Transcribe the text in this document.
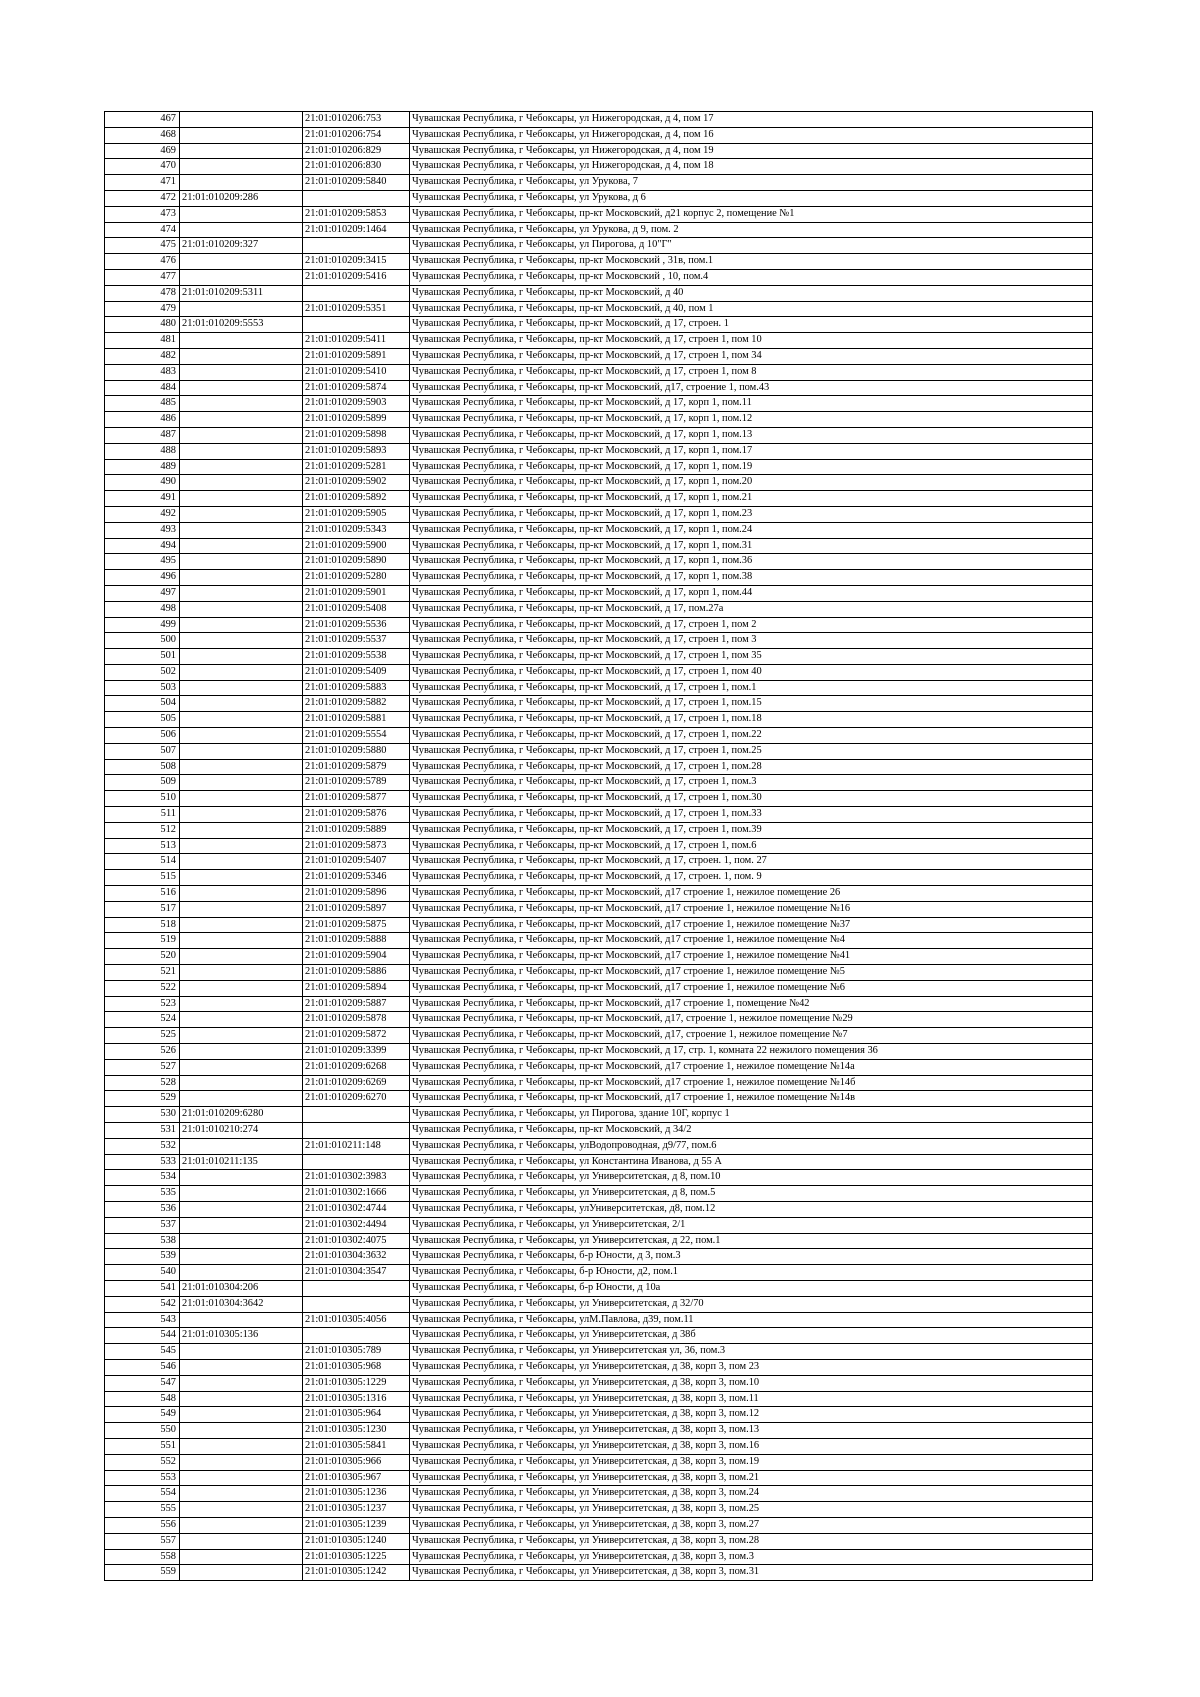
467		21:01:010206:753	Чувашская Республика, г Чебоксары, ул Нижегородская, д 4, пом 17
468		21:01:010206:754	Чувашская Республика, г Чебоксары, ул Нижегородская, д 4, пом 16
469		21:01:010206:829	Чувашская Республика, г Чебоксары, ул Нижегородская, д 4, пом 19
470		21:01:010206:830	Чувашская Республика, г Чебоксары, ул Нижегородская, д 4, пом 18
471		21:01:010209:5840	Чувашская Республика, г Чебоксары, ул Урукова, 7
472	21:01:010209:286		Чувашская Республика, г Чебоксары, ул Урукова, д 6
473		21:01:010209:5853	Чувашская Республика, г Чебоксары, пр-кт Московский, д21 корпус 2, помещение №1
474		21:01:010209:1464	Чувашская Республика, г Чебоксары, ул Урукова, д 9, пом. 2
475	21:01:010209:327		Чувашская Республика, г Чебоксары, ул Пирогова, д 10"Г"
476		21:01:010209:3415	Чувашская Республика, г Чебоксары, пр-кт Московский , 31в, пом.1
477		21:01:010209:5416	Чувашская Республика, г Чебоксары, пр-кт Московский , 10, пом.4
478	21:01:010209:5311		Чувашская Республика, г Чебоксары, пр-кт Московский, д 40
479		21:01:010209:5351	Чувашская Республика, г Чебоксары, пр-кт Московский, д 40, пом 1
480	21:01:010209:5553		Чувашская Республика, г Чебоксары, пр-кт Московский, д 17, строен. 1
481		21:01:010209:5411	Чувашская Республика, г Чебоксары, пр-кт Московский, д 17, строен 1, пом 10
482		21:01:010209:5891	Чувашская Республика, г Чебоксары, пр-кт Московский, д 17, строен 1, пом 34
483		21:01:010209:5410	Чувашская Республика, г Чебоксары, пр-кт Московский, д 17, строен 1, пом 8
484		21:01:010209:5874	Чувашская Республика, г Чебоксары, пр-кт Московский, д17, строение 1, пом.43
485		21:01:010209:5903	Чувашская Республика, г Чебоксары, пр-кт Московский, д 17, корп 1, пом.11
486		21:01:010209:5899	Чувашская Республика, г Чебоксары, пр-кт Московский, д 17, корп 1, пом.12
487		21:01:010209:5898	Чувашская Республика, г Чебоксары, пр-кт Московский, д 17, корп 1, пом.13
488		21:01:010209:5893	Чувашская Республика, г Чебоксары, пр-кт Московский, д 17, корп 1, пом.17
489		21:01:010209:5281	Чувашская Республика, г Чебоксары, пр-кт Московский, д 17, корп 1, пом.19
490		21:01:010209:5902	Чувашская Республика, г Чебоксары, пр-кт Московский, д 17, корп 1, пом.20
491		21:01:010209:5892	Чувашская Республика, г Чебоксары, пр-кт Московский, д 17, корп 1, пом.21
492		21:01:010209:5905	Чувашская Республика, г Чебоксары, пр-кт Московский, д 17, корп 1, пом.23
493		21:01:010209:5343	Чувашская Республика, г Чебоксары, пр-кт Московский, д 17, корп 1, пом.24
494		21:01:010209:5900	Чувашская Республика, г Чебоксары, пр-кт Московский, д 17, корп 1, пом.31
495		21:01:010209:5890	Чувашская Республика, г Чебоксары, пр-кт Московский, д 17, корп 1, пом.36
496		21:01:010209:5280	Чувашская Республика, г Чебоксары, пр-кт Московский, д 17, корп 1, пом.38
497		21:01:010209:5901	Чувашская Республика, г Чебоксары, пр-кт Московский, д 17, корп 1, пом.44
498		21:01:010209:5408	Чувашская Республика, г Чебоксары, пр-кт Московский, д 17, пом.27а
499		21:01:010209:5536	Чувашская Республика, г Чебоксары, пр-кт Московский, д 17, строен 1, пом 2
500		21:01:010209:5537	Чувашская Республика, г Чебоксары, пр-кт Московский, д 17, строен 1, пом 3
501		21:01:010209:5538	Чувашская Республика, г Чебоксары, пр-кт Московский, д 17, строен 1, пом 35
502		21:01:010209:5409	Чувашская Республика, г Чебоксары, пр-кт Московский, д 17, строен 1, пом 40
503		21:01:010209:5883	Чувашская Республика, г Чебоксары, пр-кт Московский, д 17, строен 1, пом.1
504		21:01:010209:5882	Чувашская Республика, г Чебоксары, пр-кт Московский, д 17, строен 1, пом.15
505		21:01:010209:5881	Чувашская Республика, г Чебоксары, пр-кт Московский, д 17, строен 1, пом.18
506		21:01:010209:5554	Чувашская Республика, г Чебоксары, пр-кт Московский, д 17, строен 1, пом.22
507		21:01:010209:5880	Чувашская Республика, г Чебоксары, пр-кт Московский, д 17, строен 1, пом.25
508		21:01:010209:5879	Чувашская Республика, г Чебоксары, пр-кт Московский, д 17, строен 1, пом.28
509		21:01:010209:5789	Чувашская Республика, г Чебоксары, пр-кт Московский, д 17, строен 1, пом.3
510		21:01:010209:5877	Чувашская Республика, г Чебоксары, пр-кт Московский, д 17, строен 1, пом.30
511		21:01:010209:5876	Чувашская Республика, г Чебоксары, пр-кт Московский, д 17, строен 1, пом.33
512		21:01:010209:5889	Чувашская Республика, г Чебоксары, пр-кт Московский, д 17, строен 1, пом.39
513		21:01:010209:5873	Чувашская Республика, г Чебоксары, пр-кт Московский, д 17, строен 1, пом.6
514		21:01:010209:5407	Чувашская Республика, г Чебоксары, пр-кт Московский, д 17, строен. 1, пом. 27
515		21:01:010209:5346	Чувашская Республика, г Чебоксары, пр-кт Московский, д 17, строен. 1, пом. 9
516		21:01:010209:5896	Чувашская Республика, г Чебоксары, пр-кт Московский, д17 строение 1, нежилое помещение 26
517		21:01:010209:5897	Чувашская Республика, г Чебоксары, пр-кт Московский, д17 строение 1, нежилое помещение №16
518		21:01:010209:5875	Чувашская Республика, г Чебоксары, пр-кт Московский, д17 строение 1, нежилое помещение №37
519		21:01:010209:5888	Чувашская Республика, г Чебоксары, пр-кт Московский, д17 строение 1, нежилое помещение №4
520		21:01:010209:5904	Чувашская Республика, г Чебоксары, пр-кт Московский, д17 строение 1, нежилое помещение №41
521		21:01:010209:5886	Чувашская Республика, г Чебоксары, пр-кт Московский, д17 строение 1, нежилое помещение №5
522		21:01:010209:5894	Чувашская Республика, г Чебоксары, пр-кт Московский, д17 строение 1, нежилое помещение №6
523		21:01:010209:5887	Чувашская Республика, г Чебоксары, пр-кт Московский, д17 строение 1, помещение №42
524		21:01:010209:5878	Чувашская Республика, г Чебоксары, пр-кт Московский, д17, строение 1, нежилое помещение №29
525		21:01:010209:5872	Чувашская Республика, г Чебоксары, пр-кт Московский, д17, строение 1, нежилое помещение №7
526		21:01:010209:3399	Чувашская Республика, г Чебоксары, пр-кт Московский, д 17, стр. 1, комната 22 нежилого помещения 36
527		21:01:010209:6268	Чувашская Республика, г Чебоксары, пр-кт Московский, д17 строение 1, нежилое помещение №14а
528		21:01:010209:6269	Чувашская Республика, г Чебоксары, пр-кт Московский, д17 строение 1, нежилое помещение №14б
529		21:01:010209:6270	Чувашская Республика, г Чебоксары, пр-кт Московский, д17 строение 1, нежилое помещение №14в
530	21:01:010209:6280		Чувашская Республика, г Чебоксары, ул Пирогова, здание 10Г, корпус 1
531	21:01:010210:274		Чувашская Республика, г Чебоксары, пр-кт Московский, д 34/2
532		21:01:010211:148	Чувашская Республика, г Чебоксары, улВодопроводная, д9/77, пом.6
533	21:01:010211:135		Чувашская Республика, г Чебоксары, ул Константина Иванова, д 55 А
534		21:01:010302:3983	Чувашская Республика, г Чебоксары, ул Университетская, д 8, пом.10
535		21:01:010302:1666	Чувашская Республика, г Чебоксары, ул Университетская, д 8, пом.5
536		21:01:010302:4744	Чувашская Республика, г Чебоксары, улУниверситетская, д8, пом.12
537		21:01:010302:4494	Чувашская Республика, г Чебоксары, ул Университетская, 2/1
538		21:01:010302:4075	Чувашская Республика, г Чебоксары, ул Университетская, д 22, пом.1
539		21:01:010304:3632	Чувашская Республика, г Чебоксары, б-р Юности, д 3, пом.3
540		21:01:010304:3547	Чувашская Республика, г Чебоксары, б-р Юности, д2, пом.1
541	21:01:010304:206		Чувашская Республика, г Чебоксары, б-р Юности, д 10а
542	21:01:010304:3642		Чувашская Республика, г Чебоксары, ул Университетская, д 32/70
543		21:01:010305:4056	Чувашская Республика, г Чебоксары, улМ.Павлова, д39, пом.11
544	21:01:010305:136		Чувашская Республика, г Чебоксары, ул Университетская, д 38б
545		21:01:010305:789	Чувашская Республика, г Чебоксары, ул Университетская ул, 36, пом.3
546		21:01:010305:968	Чувашская Республика, г Чебоксары, ул Университетская, д 38, корп 3, пом 23
547		21:01:010305:1229	Чувашская Республика, г Чебоксары, ул Университетская, д 38, корп 3, пом.10
548		21:01:010305:1316	Чувашская Республика, г Чебоксары, ул Университетская, д 38, корп 3, пом.11
549		21:01:010305:964	Чувашская Республика, г Чебоксары, ул Университетская, д 38, корп 3, пом.12
550		21:01:010305:1230	Чувашская Республика, г Чебоксары, ул Университетская, д 38, корп 3, пом.13
551		21:01:010305:5841	Чувашская Республика, г Чебоксары, ул Университетская, д 38, корп 3, пом.16
552		21:01:010305:966	Чувашская Республика, г Чебоксары, ул Университетская, д 38, корп 3, пом.19
553		21:01:010305:967	Чувашская Республика, г Чебоксары, ул Университетская, д 38, корп 3, пом.21
554		21:01:010305:1236	Чувашская Республика, г Чебоксары, ул Университетская, д 38, корп 3, пом.24
555		21:01:010305:1237	Чувашская Республика, г Чебоксары, ул Университетская, д 38, корп 3, пом.25
556		21:01:010305:1239	Чувашская Республика, г Чебоксары, ул Университетская, д 38, корп 3, пом.27
557		21:01:010305:1240	Чувашская Республика, г Чебоксары, ул Университетская, д 38, корп 3, пом.28
558		21:01:010305:1225	Чувашская Республика, г Чебоксары, ул Университетская, д 38, корп 3, пом.3
559		21:01:010305:1242	Чувашская Республика, г Чебоксары, ул Университетская, д 38, корп 3, пом.31
